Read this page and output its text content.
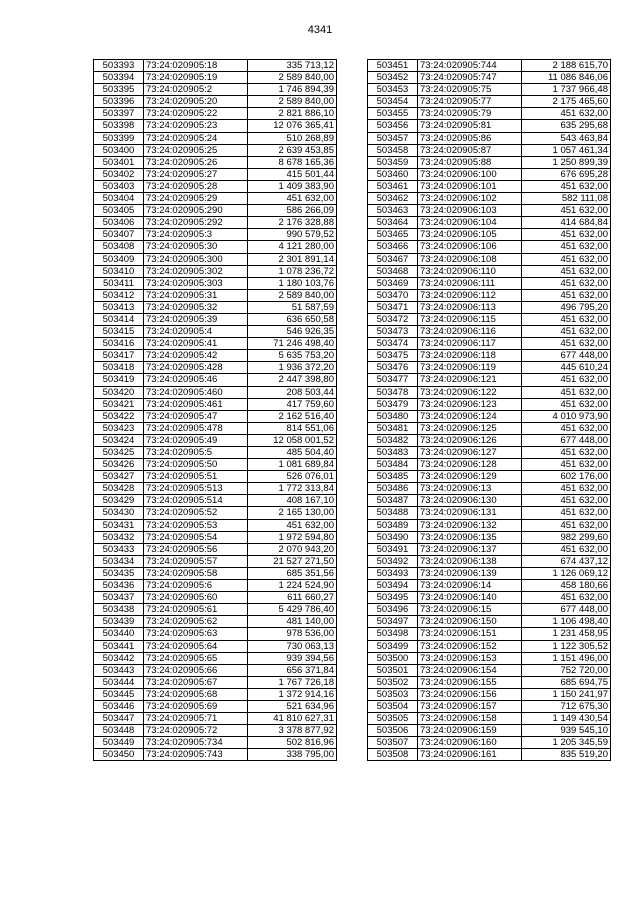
4341
503393	73:24:020905:18	335 713,12
503394	73:24:020905:19	2 589 840,00
503395	73:24:020905:2	1 746 894,39
503396	73:24:020905:20	2 589 840,00
503397	73:24:020905:22	2 821 886,10
503398	73:24:020905:23	12 076 365,41
503399	73:24:020905:24	510 268,89
503400	73:24:020905:25	2 639 453,85
503401	73:24:020905:26	8 678 165,36
503402	73:24:020905:27	415 501,44
503403	73:24:020905:28	1 409 383,90
503404	73:24:020905:29	451 632,00
503405	73:24:020905:290	586 266,09
503406	73:24:020905:292	2 176 328,88
503407	73:24:020905:3	990 579,52
503408	73:24:020905:30	4 121 280,00
503409	73:24:020905:300	2 301 891,14
503410	73:24:020905:302	1 078 236,72
503411	73:24:020905:303	1 180 103,76
503412	73:24:020905:31	2 589 840,00
503413	73:24:020905:32	51 587,59
503414	73:24:020905:39	636 650,58
503415	73:24:020905:4	546 926,35
503416	73:24:020905:41	71 246 498,40
503417	73:24:020905:42	5 635 753,20
503418	73:24:020905:428	1 936 372,20
503419	73:24:020905:46	2 447 398,80
503420	73:24:020905:460	208 503,44
503421	73:24:020905:461	417 759,60
503422	73:24:020905:47	2 162 516,40
503423	73:24:020905:478	814 551,06
503424	73:24:020905:49	12 058 001,52
503425	73:24:020905:5	485 504,40
503426	73:24:020905:50	1 081 689,84
503427	73:24:020905:51	526 076,01
503428	73:24:020905:513	1 772 313,84
503429	73:24:020905:514	408 167,10
503430	73:24:020905:52	2 165 130,00
503431	73:24:020905:53	451 632,00
503432	73:24:020905:54	1 972 594,80
503433	73:24:020905:56	2 070 943,20
503434	73:24:020905:57	21 527 271,50
503435	73:24:020905:58	685 351,56
503436	73:24:020905:6	1 224 524,90
503437	73:24:020905:60	611 660,27
503438	73:24:020905:61	5 429 786,40
503439	73:24:020905:62	481 140,00
503440	73:24:020905:63	978 536,00
503441	73:24:020905:64	730 063,13
503442	73:24:020905:65	939 394,56
503443	73:24:020905:66	656 371,84
503444	73:24:020905:67	1 767 726,18
503445	73:24:020905:68	1 372 914,16
503446	73:24:020905:69	521 634,96
503447	73:24:020905:71	41 810 627,31
503448	73:24:020905:72	3 378 877,92
503449	73:24:020905:734	502 816,96
503450	73:24:020905:743	338 795,00
503451	73:24:020905:744	2 188 615,70
503452	73:24:020905:747	11 086 846,06
503453	73:24:020905:75	1 737 966,48
503454	73:24:020905:77	2 175 465,60
503455	73:24:020905:79	451 632,00
503456	73:24:020905:81	635 295,68
503457	73:24:020905:86	543 463,84
503458	73:24:020905:87	1 057 461,34
503459	73:24:020905:88	1 250 899,39
503460	73:24:020906:100	676 695,28
503461	73:24:020906:101	451 632,00
503462	73:24:020906:102	582 111,08
503463	73:24:020906:103	451 632,00
503464	73:24:020906:104	414 684,84
503465	73:24:020906:105	451 632,00
503466	73:24:020906:106	451 632,00
503467	73:24:020906:108	451 632,00
503468	73:24:020906:110	451 632,00
503469	73:24:020906:111	451 632,00
503470	73:24:020906:112	451 632,00
503471	73:24:020906:113	496 795,20
503472	73:24:020906:115	451 632,00
503473	73:24:020906:116	451 632,00
503474	73:24:020906:117	451 632,00
503475	73:24:020906:118	677 448,00
503476	73:24:020906:119	445 610,24
503477	73:24:020906:121	451 632,00
503478	73:24:020906:122	451 632,00
503479	73:24:020906:123	451 632,00
503480	73:24:020906:124	4 010 973,90
503481	73:24:020906:125	451 632,00
503482	73:24:020906:126	677 448,00
503483	73:24:020906:127	451 632,00
503484	73:24:020906:128	451 632,00
503485	73:24:020906:129	602 176,00
503486	73:24:020906:13	451 632,00
503487	73:24:020906:130	451 632,00
503488	73:24:020906:131	451 632,00
503489	73:24:020906:132	451 632,00
503490	73:24:020906:135	982 299,60
503491	73:24:020906:137	451 632,00
503492	73:24:020906:138	674 437,12
503493	73:24:020906:139	1 126 069,12
503494	73:24:020906:14	458 180,66
503495	73:24:020906:140	451 632,00
503496	73:24:020906:15	677 448,00
503497	73:24:020906:150	1 106 498,40
503498	73:24:020906:151	1 231 458,95
503499	73:24:020906:152	1 122 305,52
503500	73:24:020906:153	1 151 496,00
503501	73:24:020906:154	752 720,00
503502	73:24:020906:155	685 694,75
503503	73:24:020906:156	1 150 241,97
503504	73:24:020906:157	712 675,30
503505	73:24:020906:158	1 149 430,54
503506	73:24:020906:159	939 545,10
503507	73:24:020906:160	1 205 345,59
503508	73:24:020906:161	835 519,20
